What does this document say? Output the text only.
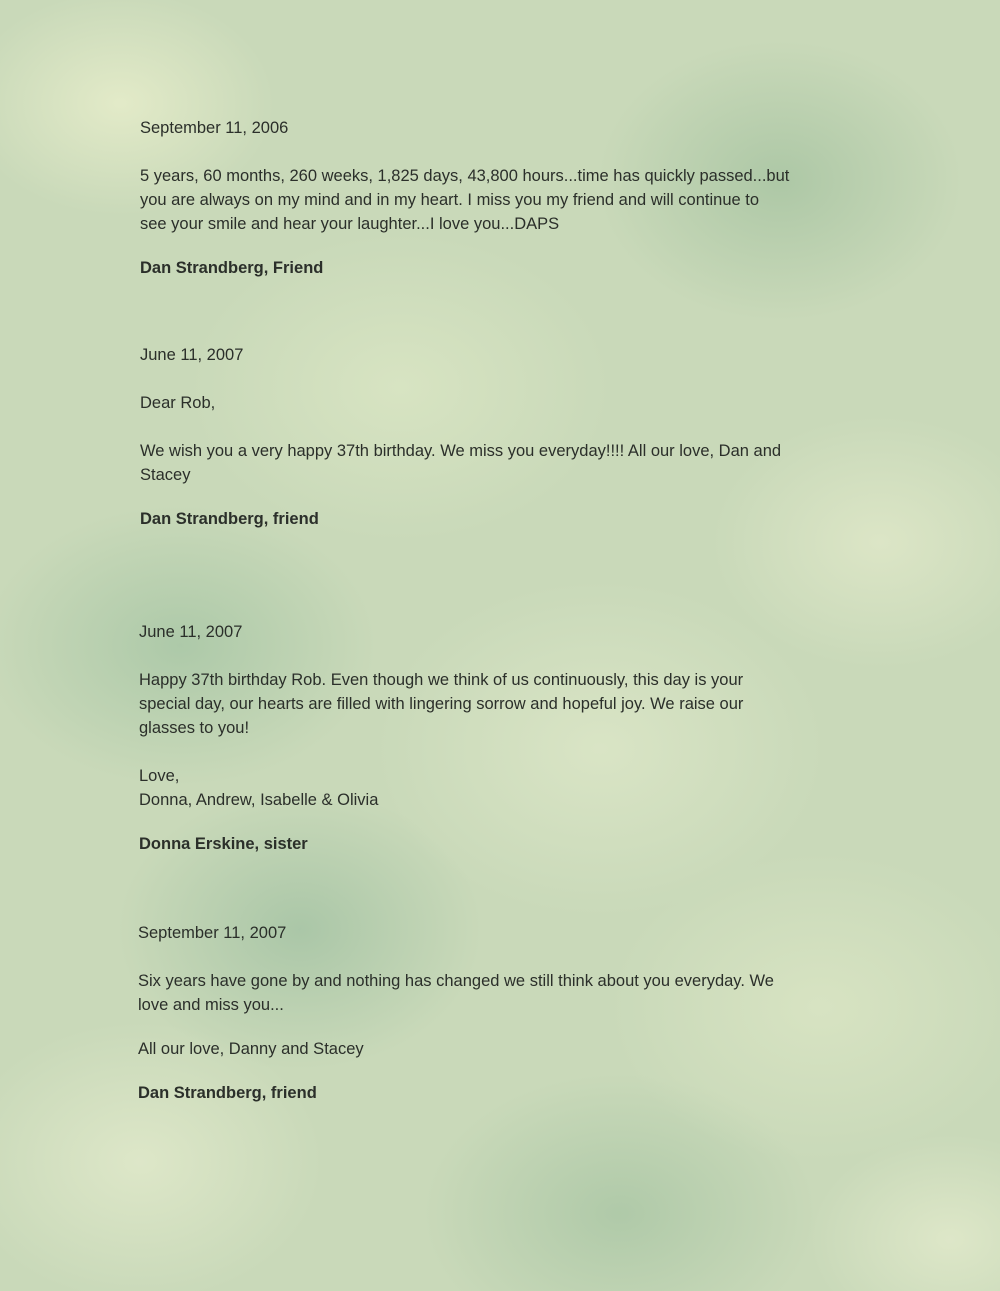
September 11, 2006

5 years, 60 months, 260 weeks, 1,825 days, 43,800 hours...time has quickly passed...but

you are always on my mind and in my heart. I miss you my friend and will continue to

see your smile and hear your laughter...I love you...DAPS

Dan Strandberg, Friend

June 11, 2007

Dear Rob,

We wish you a very happy 37th birthday. We miss you everyday!!!! All our love, Dan and

Stacey

Dan Strandberg, friend

June 11, 2007

Happy 37th birthday Rob. Even though we think of us continuously, this day is your

special day, our hearts are filled with lingering sorrow and hopeful joy. We raise our

glasses to you!

Love,

Donna, Andrew, Isabelle & Olivia

Donna Erskine, sister

September 11, 2007

Six years have gone by and nothing has changed we still think about you everyday. We

love and miss you...

All our love, Danny and Stacey

Dan Strandberg, friend
